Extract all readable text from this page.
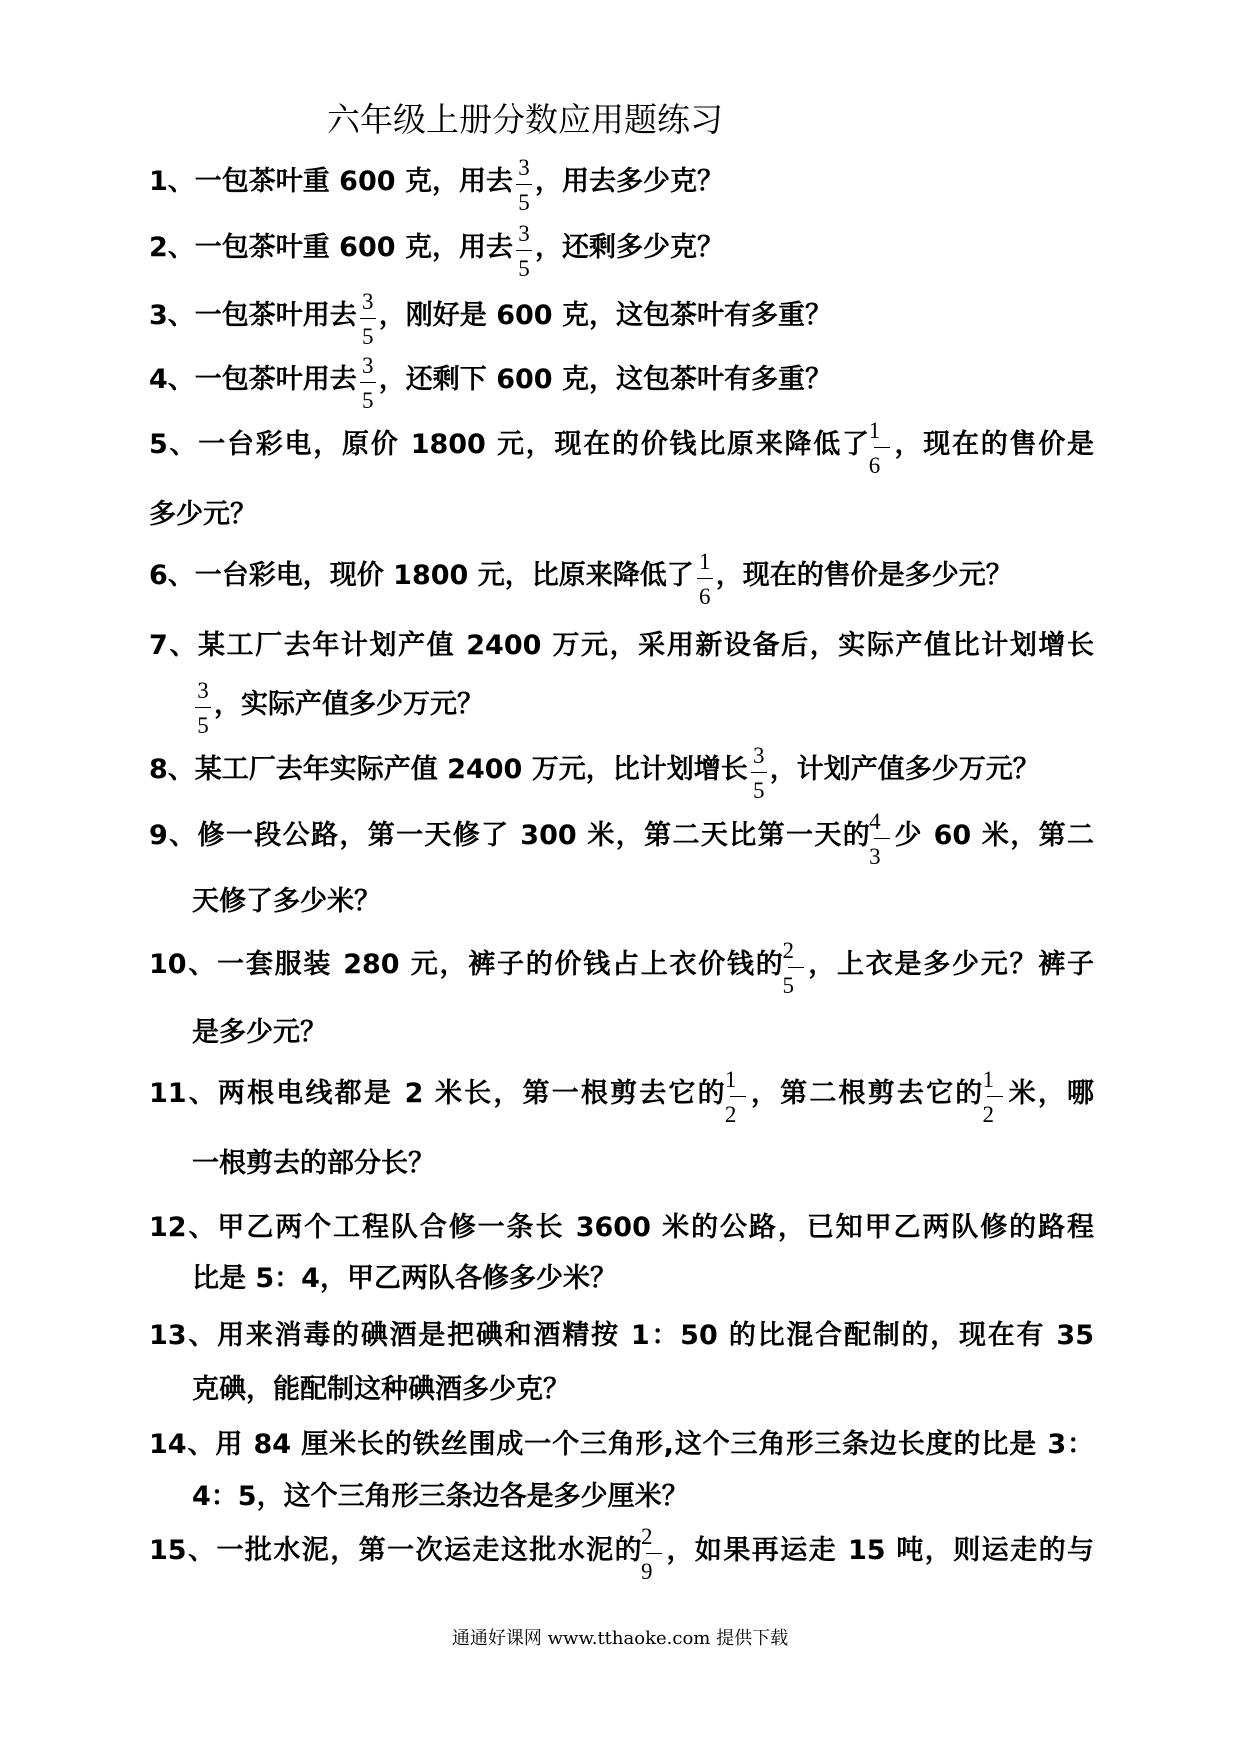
六年级上册分数应用题练习
1、一包茶叶重 600 克，用去 $\frac{3}{5}$ ，用去多少克？
2、一包茶叶重 600 克，用去 $\frac{3}{5}$ ，还剩多少克？
3、一包茶叶用去 $\frac{3}{5}$ ，刚好是 600 克，这包茶叶有多重？
4、一包茶叶用去 $\frac{3}{5}$ ，还剩下 600 克，这包茶叶有多重？
5、一台彩电，原价 1800 元，现在的价钱比原来降低了 $\frac{1}{6}$ ，现在的售价是
多少元？
6、一台彩电，现价 1800 元，比原来降低了 $\frac{1}{6}$ ，现在的售价是多少元？
7、某工厂去年计划产值 2400 万元，采用新设备后，实际产值比计划增长
$\frac{3}{5}$ ，实际产值多少万元？
8、某工厂去年实际产值 2400 万元，比计划增长 $\frac{3}{5}$ ，计划产值多少万元？
9、修一段公路，第一天修了 300 米，第二天比第一天的 $\frac{4}{3}$ 少 60 米，第二
天修了多少米？
10、一套服装 280 元，裤子的价钱占上衣价钱的 $\frac{2}{5}$ ，上衣是多少元？裤子
是多少元？
11、两根电线都是 2 米长，第一根剪去它的 $\frac{1}{2}$ ，第二根剪去它的 $\frac{1}{2}$ 米，哪
一根剪去的部分长？
12、甲乙两个工程队合修一条长 3600 米的公路，已知甲乙两队修的路程
比是 5：4，甲乙两队各修多少米？
13、用来消毒的碘酒是把碘和酒精按 1：50 的比混合配制的，现在有 35
克碘，能配制这种碘酒多少克？
14、用 84 厘米长的铁丝围成一个三角形,这个三角形三条边长度的比是 3：
4：5，这个三角形三条边各是多少厘米？
15、一批水泥，第一次运走这批水泥的 $\frac{2}{9}$ ，如果再运走 15 吨，则运走的与
通通好课网 www.tthaoke.com 提供下载
